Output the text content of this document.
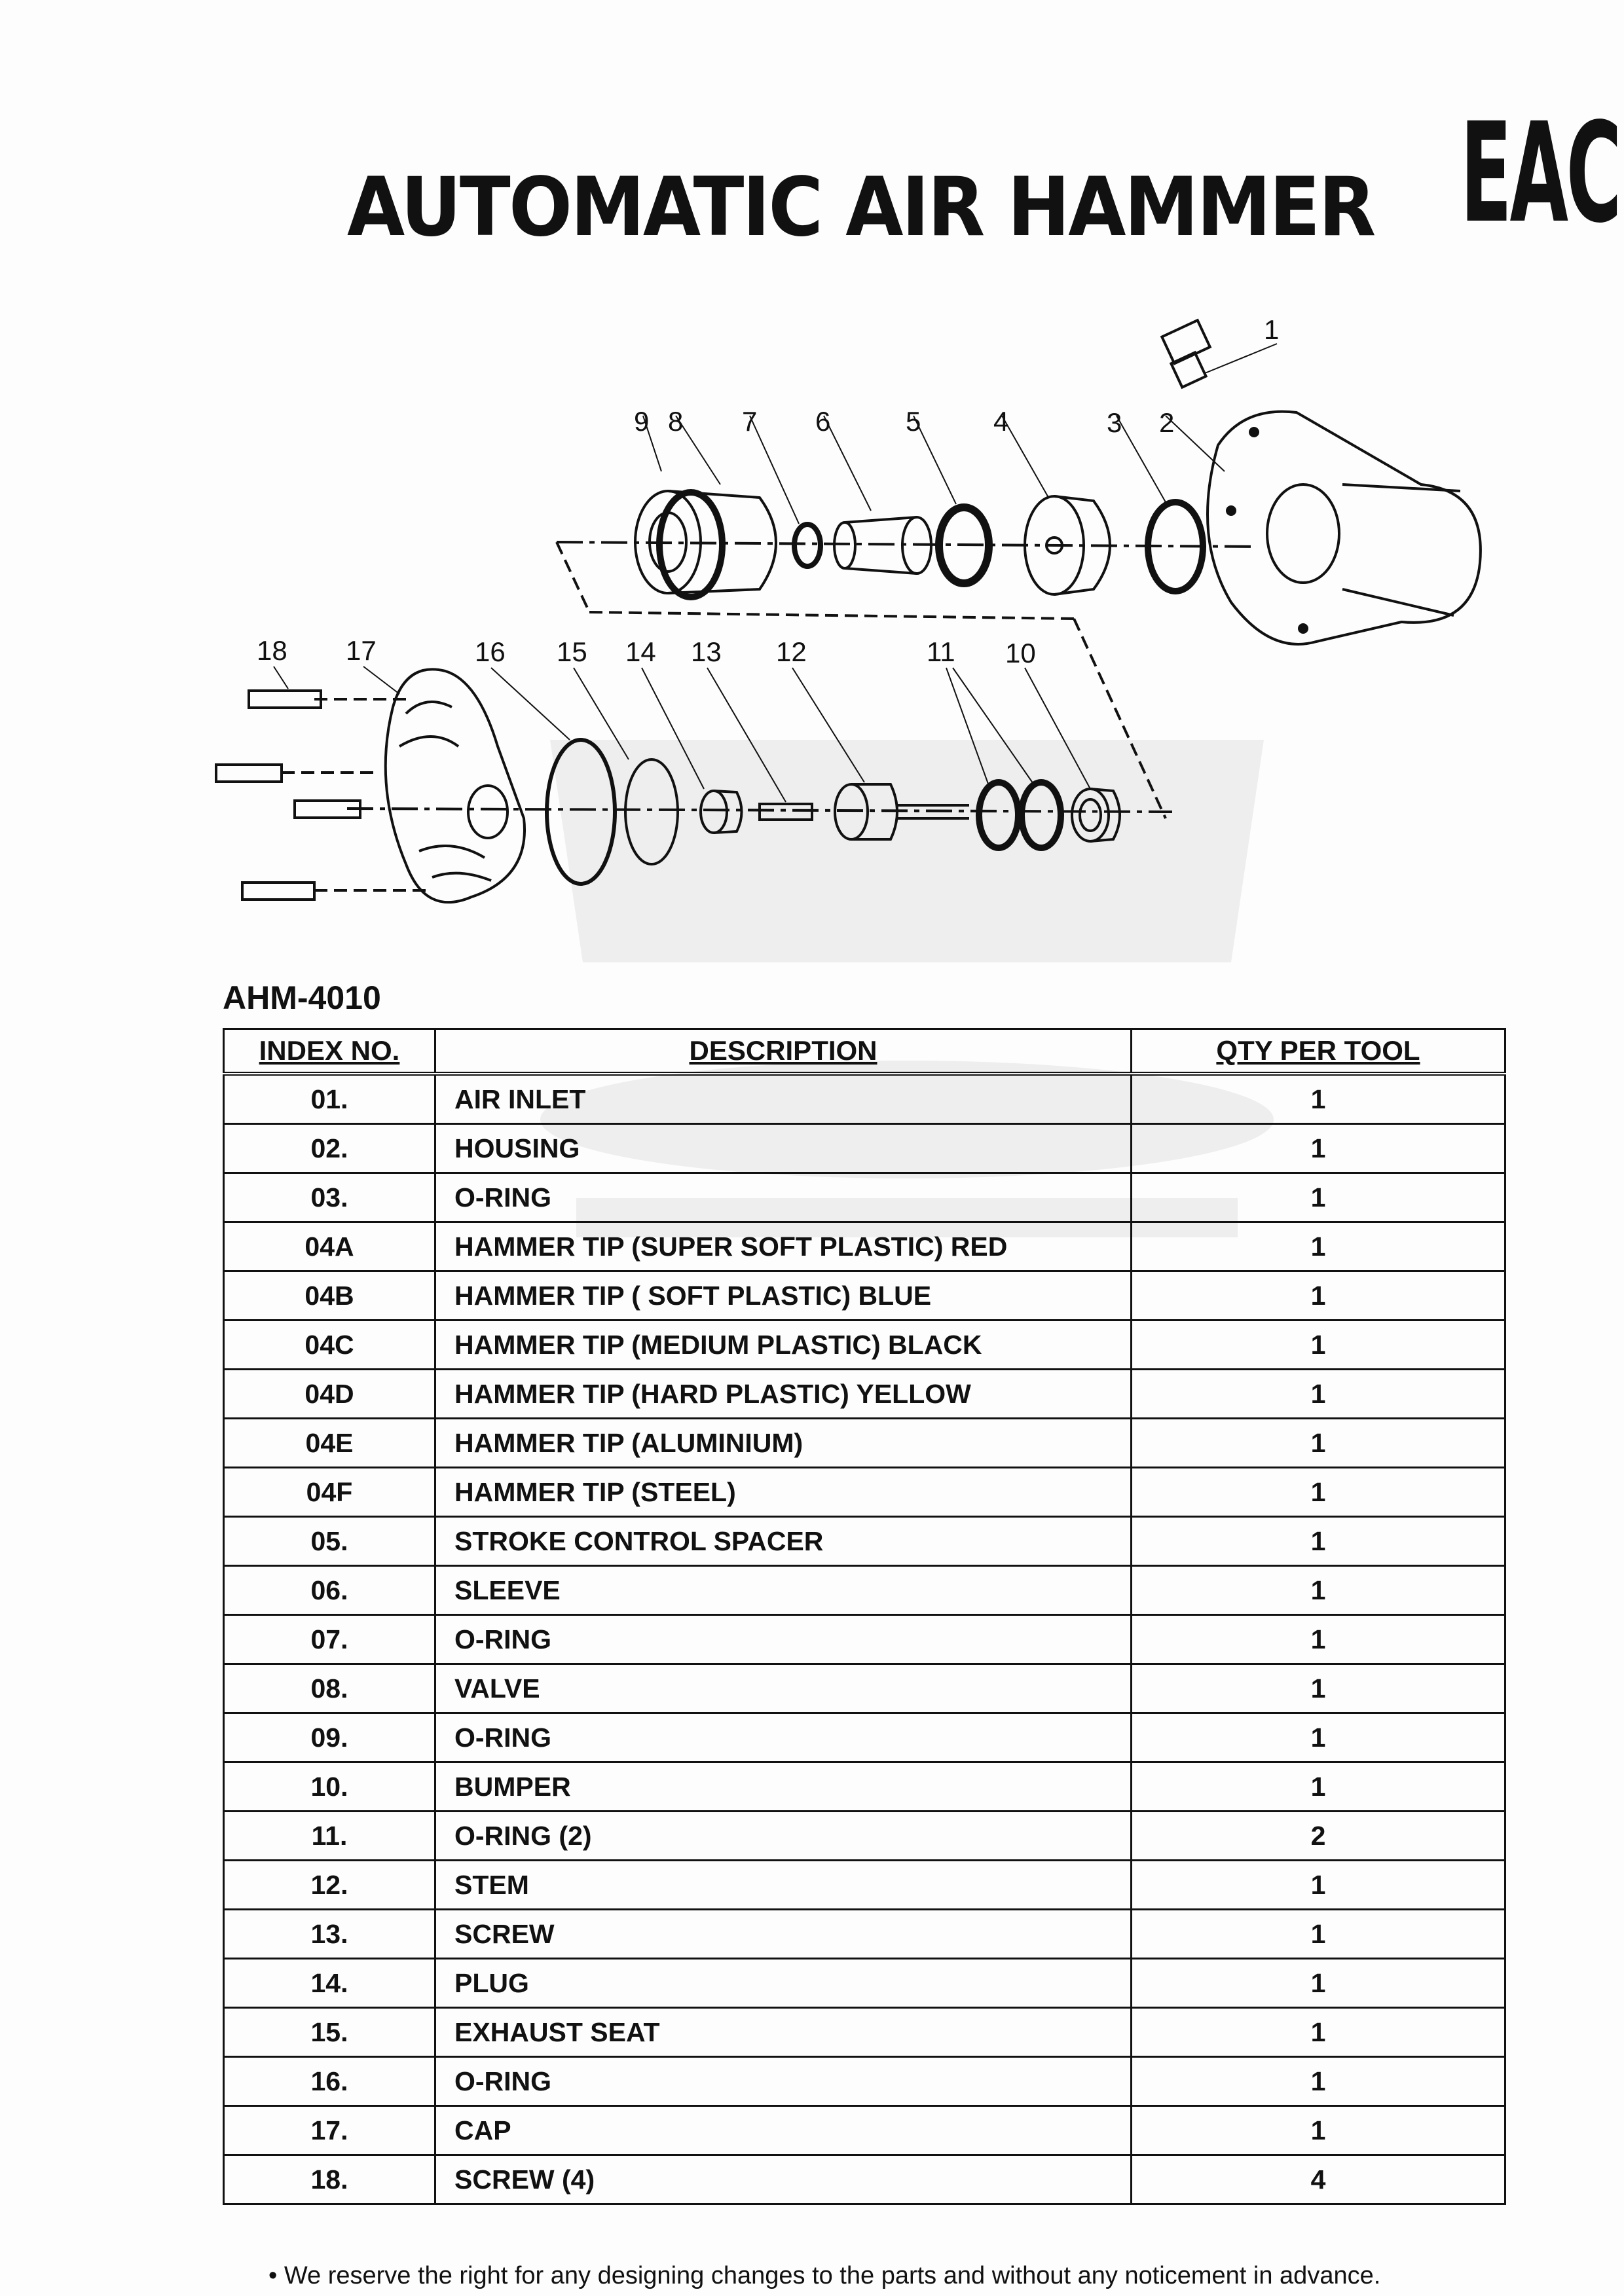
AUTOMATIC AIR HAMMER EAC
1
2
3
4
5
6
7
8
9
10
11
12
13
14
15
16
17
18
AHM-4010
INDEX NO.	DESCRIPTION	QTY PER TOOL
01.	AIR INLET	1
02.	HOUSING	1
03.	O-RING	1
04A	HAMMER TIP (SUPER SOFT PLASTIC) RED	1
04B	HAMMER TIP ( SOFT PLASTIC) BLUE	1
04C	HAMMER TIP (MEDIUM PLASTIC) BLACK	1
04D	HAMMER TIP (HARD PLASTIC) YELLOW	1
04E	HAMMER TIP (ALUMINIUM)	1
04F	HAMMER TIP (STEEL)	1
05.	STROKE CONTROL SPACER	1
06.	SLEEVE	1
07.	O-RING	1
08.	VALVE	1
09.	O-RING	1
10.	BUMPER	1
11.	O-RING (2)	2
12.	STEM	1
13.	SCREW	1
14.	PLUG	1
15.	EXHAUST SEAT	1
16.	O-RING	1
17.	CAP	1
18.	SCREW (4)	4
• We reserve the right for any designing changes to the parts and without any noticement in advance.
